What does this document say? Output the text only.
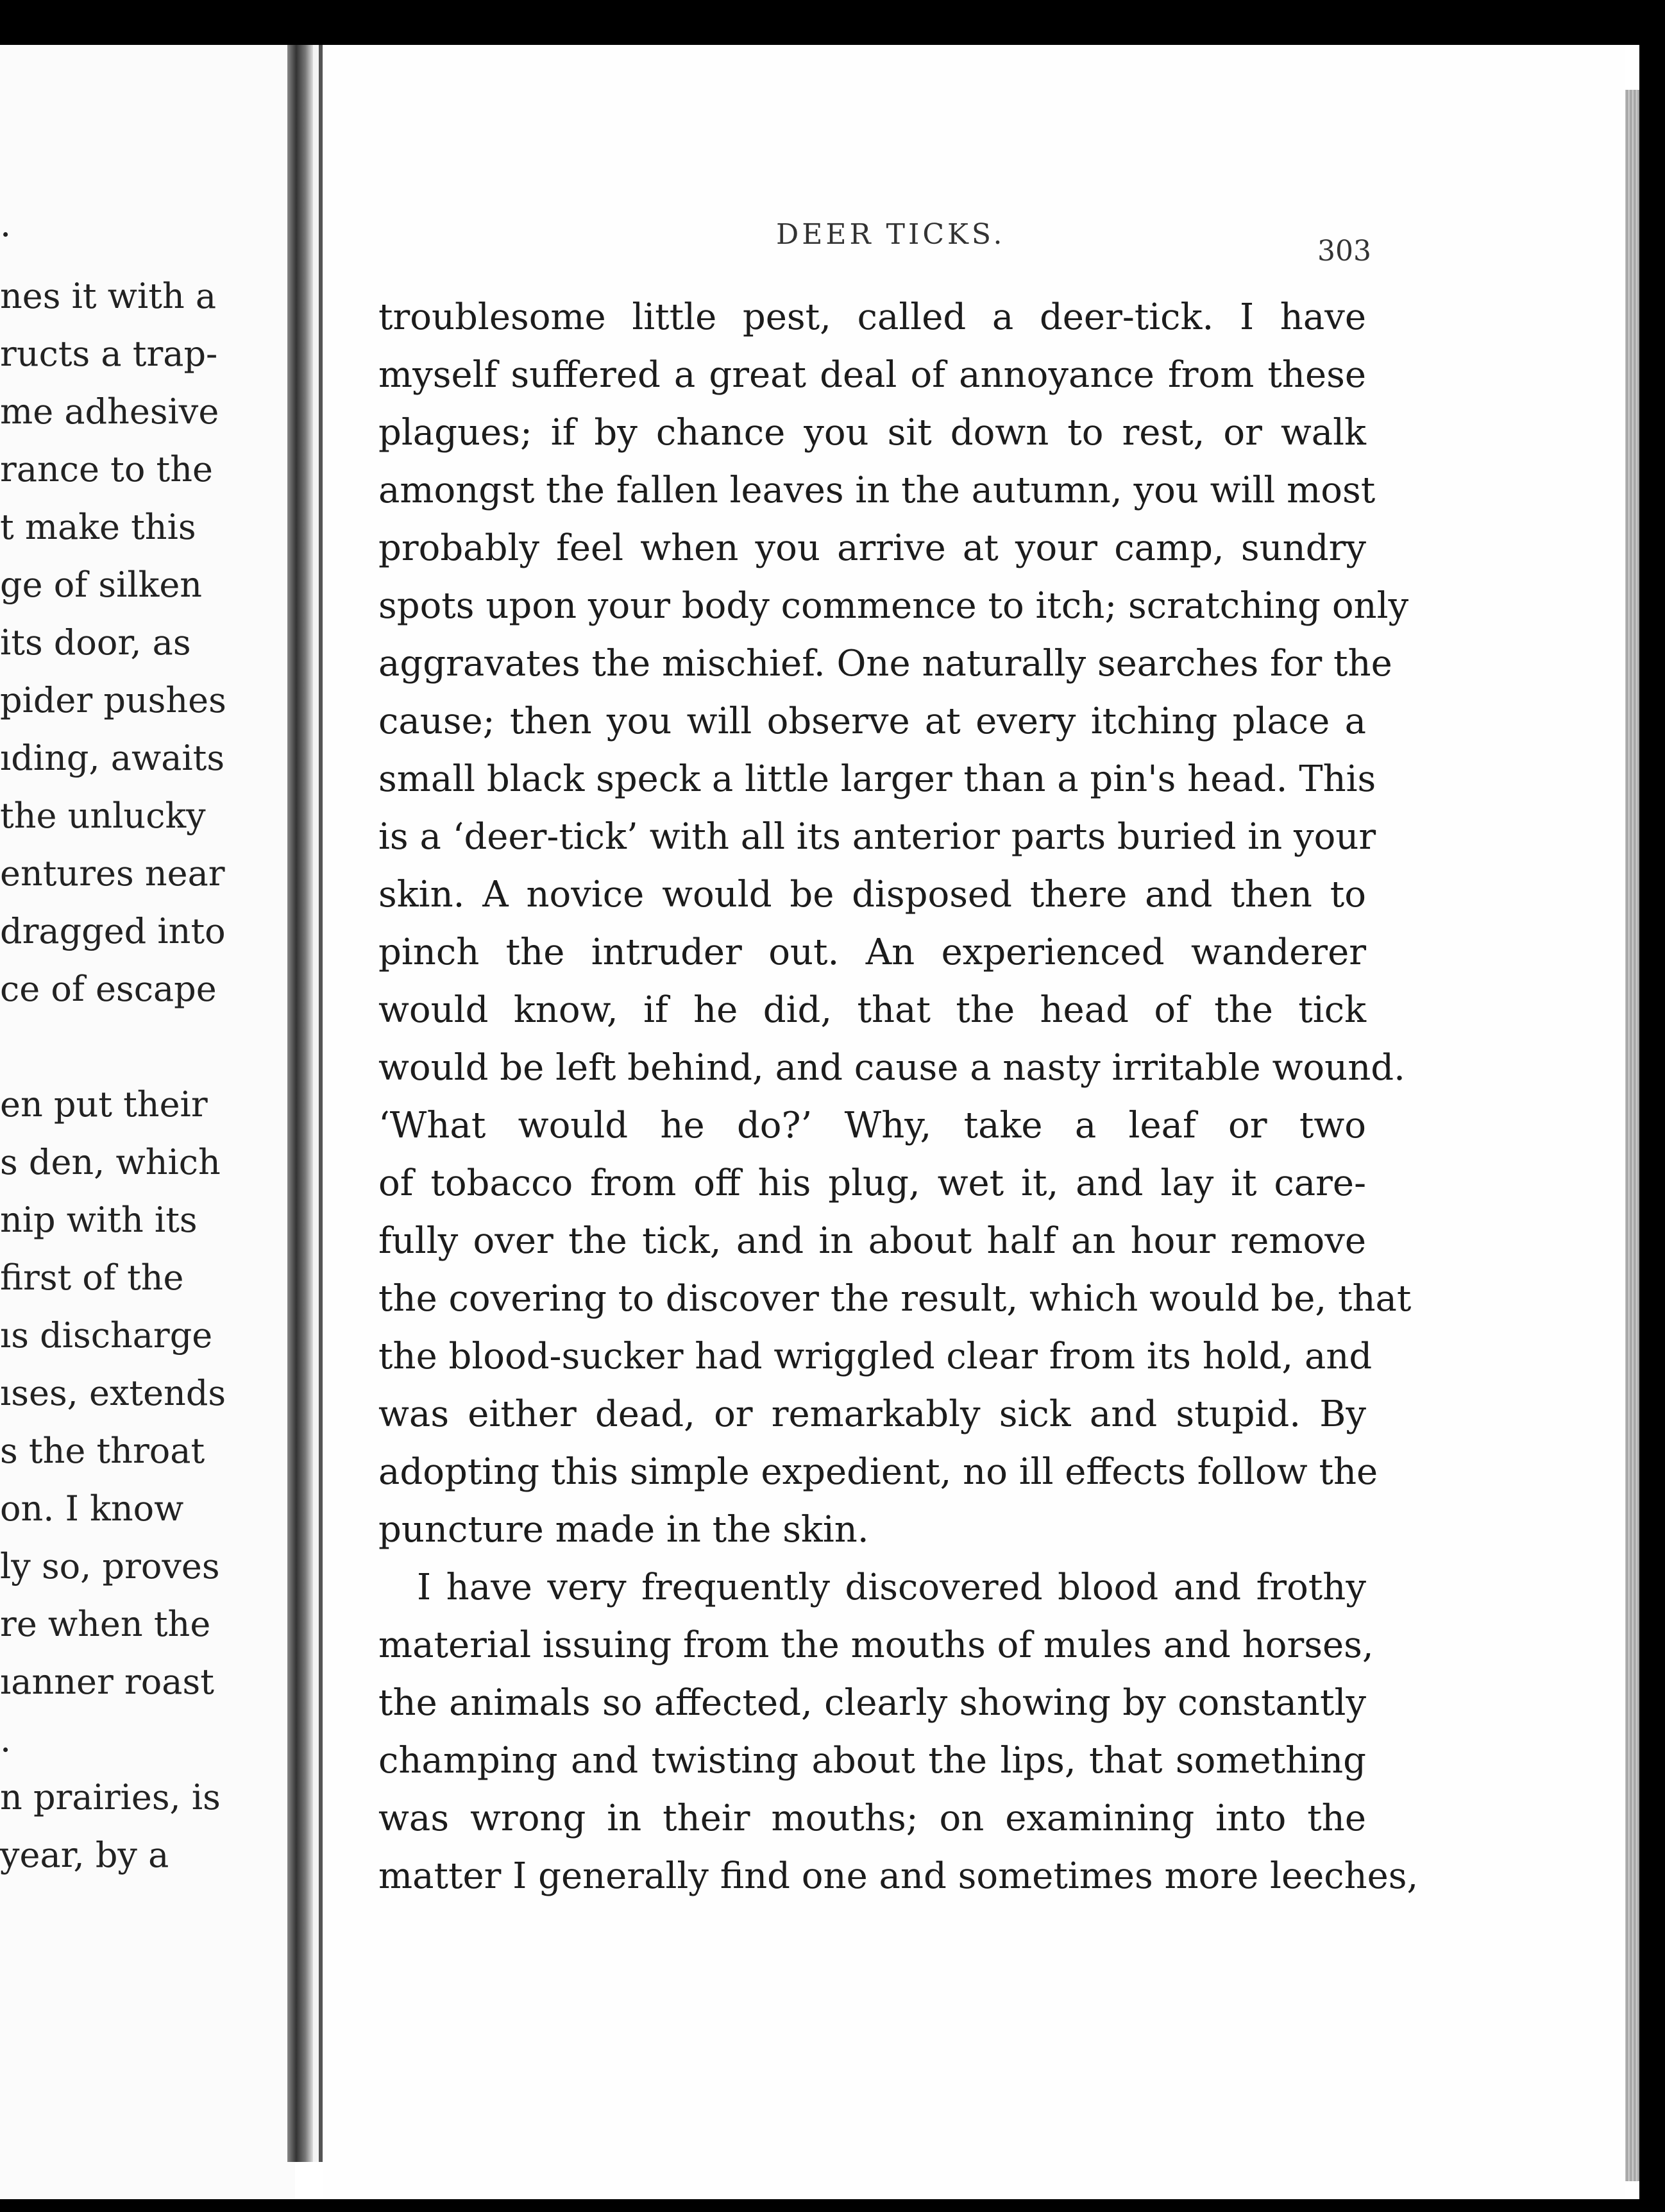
.
nes it with a
ructs a trap-
me adhesive
rance to the
t make this
ge of silken
its door, as
pider pushes
ıding, awaits
the unlucky
entures near
dragged into
ce of escape
en put their
s den, which
nip with its
first of the
ıs discharge
ıses, extends
s the throat
on. I know
ly so, proves
re when the
ıanner roast
.
n prairies, is
year, by a
DEER TICKS.
303
troublesome little pest, called a deer-tick. I have
myself suffered a great deal of annoyance from these
plagues; if by chance you sit down to rest, or walk
amongst the fallen leaves in the autumn, you will most
probably feel when you arrive at your camp, sundry
spots upon your body commence to itch; scratching only
aggravates the mischief. One naturally searches for the
cause; then you will observe at every itching place a
small black speck a little larger than a pin's head. This
is a ‘deer-tick’ with all its anterior parts buried in your
skin. A novice would be disposed there and then to
pinch the intruder out. An experienced wanderer
would know, if he did, that the head of the tick
would be left behind, and cause a nasty irritable wound.
‘What would he do?’ Why, take a leaf or two
of tobacco from off his plug, wet it, and lay it care-
fully over the tick, and in about half an hour remove
the covering to discover the result, which would be, that
the blood-sucker had wriggled clear from its hold, and
was either dead, or remarkably sick and stupid. By
adopting this simple expedient, no ill effects follow the
puncture made in the skin.
I have very frequently discovered blood and frothy
material issuing from the mouths of mules and horses,
the animals so affected, clearly showing by constantly
champing and twisting about the lips, that something
was wrong in their mouths; on examining into the
matter I generally find one and sometimes more leeches,
